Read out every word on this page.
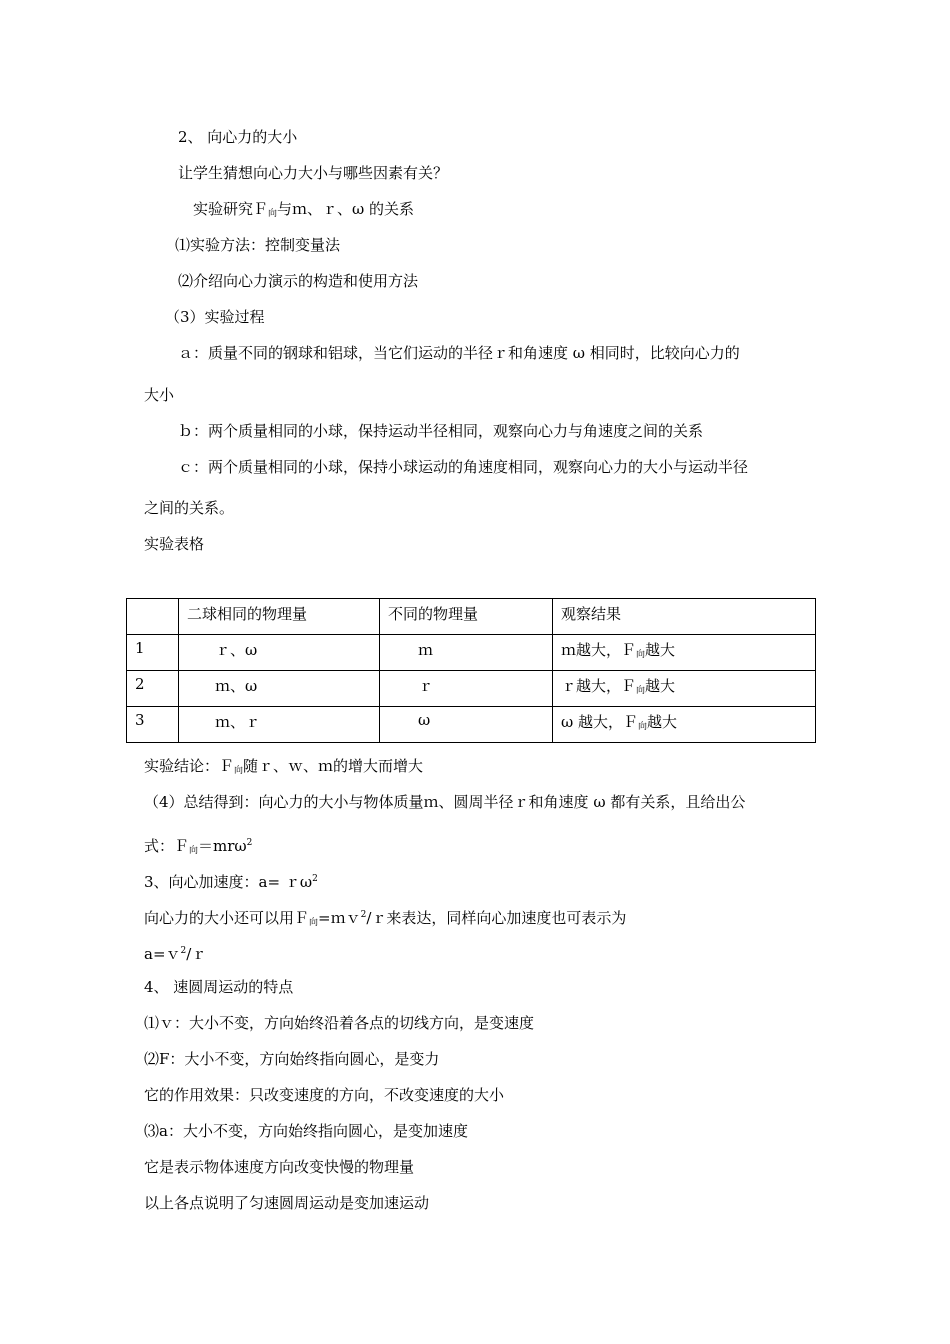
2、 向心力的大小
让学生猜想向心力大小与哪些因素有关？
实验研究Ｆ$_向$与ｍ、ｒ、ω 的关系
⑴实验方法：控制变量法
⑵介绍向心力演示的构造和使用方法
（3）实验过程
ａ：质量不同的钢球和铝球，当它们运动的半径ｒ和角速度 ω 相同时，比较向心力的
大小
ｂ：两个质量相同的小球，保持运动半径相同，观察向心力与角速度之间的关系
ｃ：两个质量相同的小球，保持小球运动的角速度相同，观察向心力的大小与运动半径
之间的关系。
实验表格
	二球相同的物理量	不同的物理量	观察结果
1	ｒ、ω	ｍ	ｍ越大，Ｆ$_向$越大
2	ｍ、ω	ｒ	ｒ越大，Ｆ$_向$越大
3	ｍ、ｒ	ω	ω 越大，Ｆ$_向$越大
实验结论：Ｆ$_向$随ｒ、ｗ、ｍ的增大而增大
（4）总结得到：向心力的大小与物体质量ｍ、圆周半径ｒ和角速度 ω 都有关系，且给出公
式：Ｆ$_向$＝mrω$^2$
3、向心加速度：a= ｒω$^2$
向心力的大小还可以用Ｆ$_向$=ｍｖ$^2$/ｒ来表达，同样向心加速度也可表示为
a=ｖ$^2$/ｒ
4、 速圆周运动的特点
⑴ｖ：大小不变，方向始终沿着各点的切线方向，是变速度
⑵F：大小不变，方向始终指向圆心，是变力
它的作用效果：只改变速度的方向，不改变速度的大小
⑶a：大小不变，方向始终指向圆心，是变加速度
它是表示物体速度方向改变快慢的物理量
以上各点说明了匀速圆周运动是变加速运动
